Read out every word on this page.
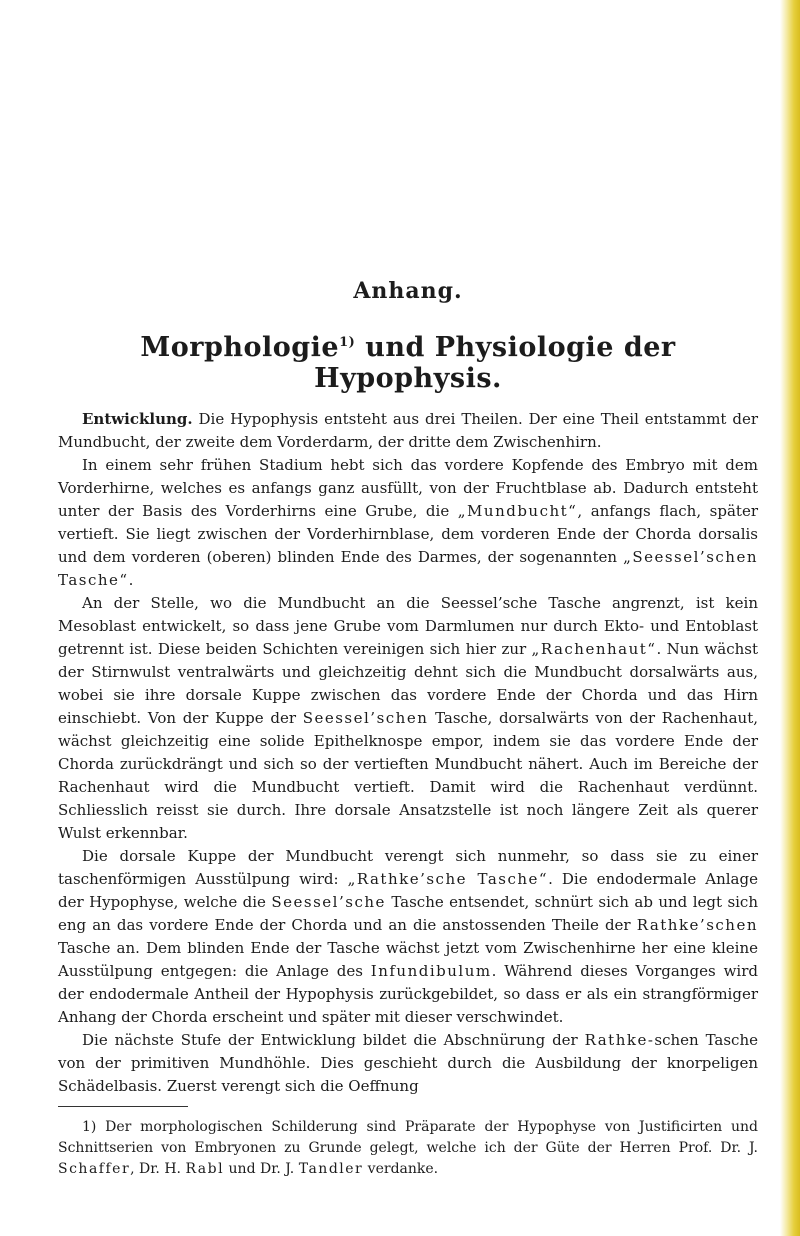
Anhang.
Morphologie$^{1)}$ und Physiologie der Hypophysis.

Entwicklung. Die Hypophysis entsteht aus drei Theilen. Der eine Theil entstammt der Mundbucht, der zweite dem Vorderdarm, der dritte dem Zwischenhirn.

In einem sehr frühen Stadium hebt sich das vordere Kopfende des Embryo mit dem Vorderhirne, welches es anfangs ganz ausfüllt, von der Fruchtblase ab. Dadurch entsteht unter der Basis des Vorderhirns eine Grube, die „Mundbucht“, anfangs flach, später vertieft. Sie liegt zwischen der Vorderhirnblase, dem vorderen Ende der Chorda dorsalis und dem vorderen (oberen) blinden Ende des Darmes, der sogenannten „Seessel’schen Tasche“.

An der Stelle, wo die Mundbucht an die Seessel’sche Tasche angrenzt, ist kein Mesoblast entwickelt, so dass jene Grube vom Darmlumen nur durch Ekto- und Entoblast getrennt ist. Diese beiden Schichten vereinigen sich hier zur „Rachenhaut“. Nun wächst der Stirnwulst ventralwärts und gleichzeitig dehnt sich die Mundbucht dorsalwärts aus, wobei sie ihre dorsale Kuppe zwischen das vordere Ende der Chorda und das Hirn einschiebt. Von der Kuppe der Seessel’schen Tasche, dorsalwärts von der Rachenhaut, wächst gleichzeitig eine solide Epithelknospe empor, indem sie das vordere Ende der Chorda zurückdrängt und sich so der vertieften Mundbucht nähert. Auch im Bereiche der Rachenhaut wird die Mundbucht vertieft. Damit wird die Rachenhaut verdünnt. Schliesslich reisst sie durch. Ihre dorsale Ansatzstelle ist noch längere Zeit als querer Wulst erkennbar.

Die dorsale Kuppe der Mundbucht verengt sich nunmehr, so dass sie zu einer taschenförmigen Ausstülpung wird: „Rathke’sche Tasche“. Die endodermale Anlage der Hypophyse, welche die Seessel’sche Tasche entsendet, schnürt sich ab und legt sich eng an das vordere Ende der Chorda und an die anstossenden Theile der Rathke’schen Tasche an. Dem blinden Ende der Tasche wächst jetzt vom Zwischenhirne her eine kleine Ausstülpung entgegen: die Anlage des Infundibulum. Während dieses Vorganges wird der endodermale Antheil der Hypophysis zurückgebildet, so dass er als ein strangförmiger Anhang der Chorda erscheint und später mit dieser verschwindet.

Die nächste Stufe der Entwicklung bildet die Abschnürung der Rathke-schen Tasche von der primitiven Mundhöhle. Dies geschieht durch die Ausbildung der knorpeligen Schädelbasis. Zuerst verengt sich die Oeffnung

1) Der morphologischen Schilderung sind Präparate der Hypophyse von Justificirten und Schnittserien von Embryonen zu Grunde gelegt, welche ich der Güte der Herren Prof. Dr. J. Schaffer, Dr. H. Rabl und Dr. J. Tandler verdanke.
